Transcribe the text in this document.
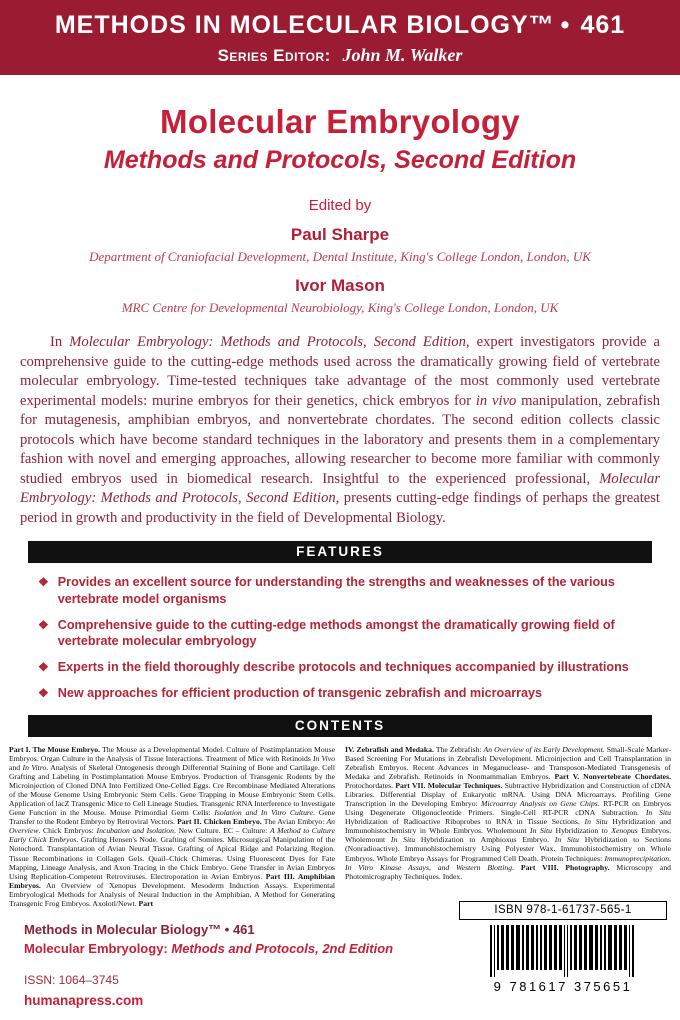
METHODS IN MOLECULAR BIOLOGY™ • 461
Series Editor: John M. Walker
Molecular Embryology
Methods and Protocols, Second Edition
Edited by
Paul Sharpe
Department of Craniofacial Development, Dental Institute, King's College London, London, UK
Ivor Mason
MRC Centre for Developmental Neurobiology, King's College London, London, UK

In Molecular Embryology: Methods and Protocols, Second Edition, expert investigators provide a comprehensive guide to the cutting-edge methods used across the dramatically growing field of vertebrate molecular embryology. Time-tested techniques take advantage of the most commonly used vertebrate experimental models: murine embryos for their genetics, chick embryos for in vivo manipulation, zebrafish for mutagenesis, amphibian embryos, and nonvertebrate chordates. The second edition collects classic protocols which have become standard techniques in the laboratory and presents them in a complementary fashion with novel and emerging approaches, allowing researcher to become more familiar with commonly studied embryos used in biomedical research. Insightful to the experienced professional, Molecular Embryology: Methods and Protocols, Second Edition, presents cutting-edge findings of perhaps the greatest period in growth and productivity in the field of Developmental Biology.

FEATURES
❖ Provides an excellent source for understanding the strengths and weaknesses of the various vertebrate model organisms
❖ Comprehensive guide to the cutting-edge methods amongst the dramatically growing field of vertebrate molecular embryology
❖ Experts in the field thoroughly describe protocols and techniques accompanied by illustrations
❖ New approaches for efficient production of transgenic zebrafish and microarrays
CONTENTS
Part I. The Mouse Embryo. The Mouse as a Developmental Model. Culture of Postimplantation Mouse Embryos. Organ Culture in the Analysis of Tissue Interactions. Treatment of Mice with Retinoids In Vivo and In Vitro. Analysis of Skeletal Ontogenesis through Differential Staining of Bone and Cartilage. Cell Grafting and Labeling in Postimplantation Mouse Embryos. Production of Transgenic Rodents by the Microinjection of Cloned DNA Into Fertilized One-Celled Eggs. Cre Recombinase Mediated Alterations of the Mouse Genome Using Embryonic Stem Cells. Gene Trapping in Mouse Embryonic Stem Cells. Application of lacZ Transgenic Mice to Cell Lineage Studies. Transgenic RNA Interference to Investigate Gene Function in the Mouse. Mouse Primordial Germ Cells: Isolation and In Vitro Culture. Gene Transfer to the Rodent Embryo by Retroviral Vectors. Part II. Chicken Embryo. The Avian Embryo: An Overview. Chick Embryos: Incubation and Isolation. New Culture. EC – Culture: A Method to Culture Early Chick Embryos. Grafting Hensen's Node. Grafting of Somites. Microsurgical Manipulation of the Notochord. Transplantation of Avian Neural Tissue. Grafting of Apical Ridge and Polarizing Region. Tissue Recombinations in Collagen Gels. Quail–Chick Chimeras. Using Fluorescent Dyes for Fate Mapping, Lineage Analysis, and Axon Tracing in the Chick Embryo. Gene Transfer in Avian Embryos Using Replication-Competent Retroviruses. Electroporation in Avian Embryos. Part III. Amphibian Embryos. An Overview of Xenopus Development. Mesoderm Induction Assays. Experimental Embryological Methods for Analysis of Neural Induction in the Amphibian. A Method for Generating Transgenic Frog Embryos. Axolotl/Newt. Part
IV. Zebrafish and Medaka. The Zebrafish: An Overview of its Early Development. Small-Scale Marker-Based Screening For Mutations in Zebrafish Development. Microinjection and Cell Transplantation in Zebrafish Embryos. Recent Advances in Meganuclease- and Transposon-Mediated Transgenesis of Medaka and Zebrafish. Retinoids in Nonmammalian Embryos. Part V. Nonvertebrate Chordates. Protochordates. Part VII. Molecular Techniques. Subtractive Hybridization and Construction of cDNA Libraries. Differential Display of Eukaryotic mRNA. Using DNA Microarrays. Profiling Gene Transcription in the Developing Embryo: Microarray Analysis on Gene Chips. RT-PCR on Embryos Using Degenerate Oligonucleotide Primers. Single-Cell RT-PCR cDNA Subtraction. In Situ Hybridization of Radioactive Riboprobes to RNA in Tissue Sections. In Situ Hybridization and Immunohistochemistry in Whole Embryos. Wholemount In Situ Hybridization to Xenopus Embryos. Wholemount In Situ Hybridization to Amphioxus Embryo. In Situ Hybridization to Sections (Nonradioactive). Immunohistochemistry Using Polyester Wax. Immunohistochemistry on Whole Embryos. Whole Embryo Assays for Programmed Cell Death. Protein Techniques: Immunoprecipitation, In Vitro Kinase Assays, and Western Blotting. Part VIII. Photography. Microscopy and Photomicrography Techniques. Index.
Methods in Molecular Biology™ • 461
Molecular Embryology: Methods and Protocols, 2nd Edition
ISSN: 1064–3745
humanapress.com
ISBN 978-1-61737-565-1
9 781617 375651
